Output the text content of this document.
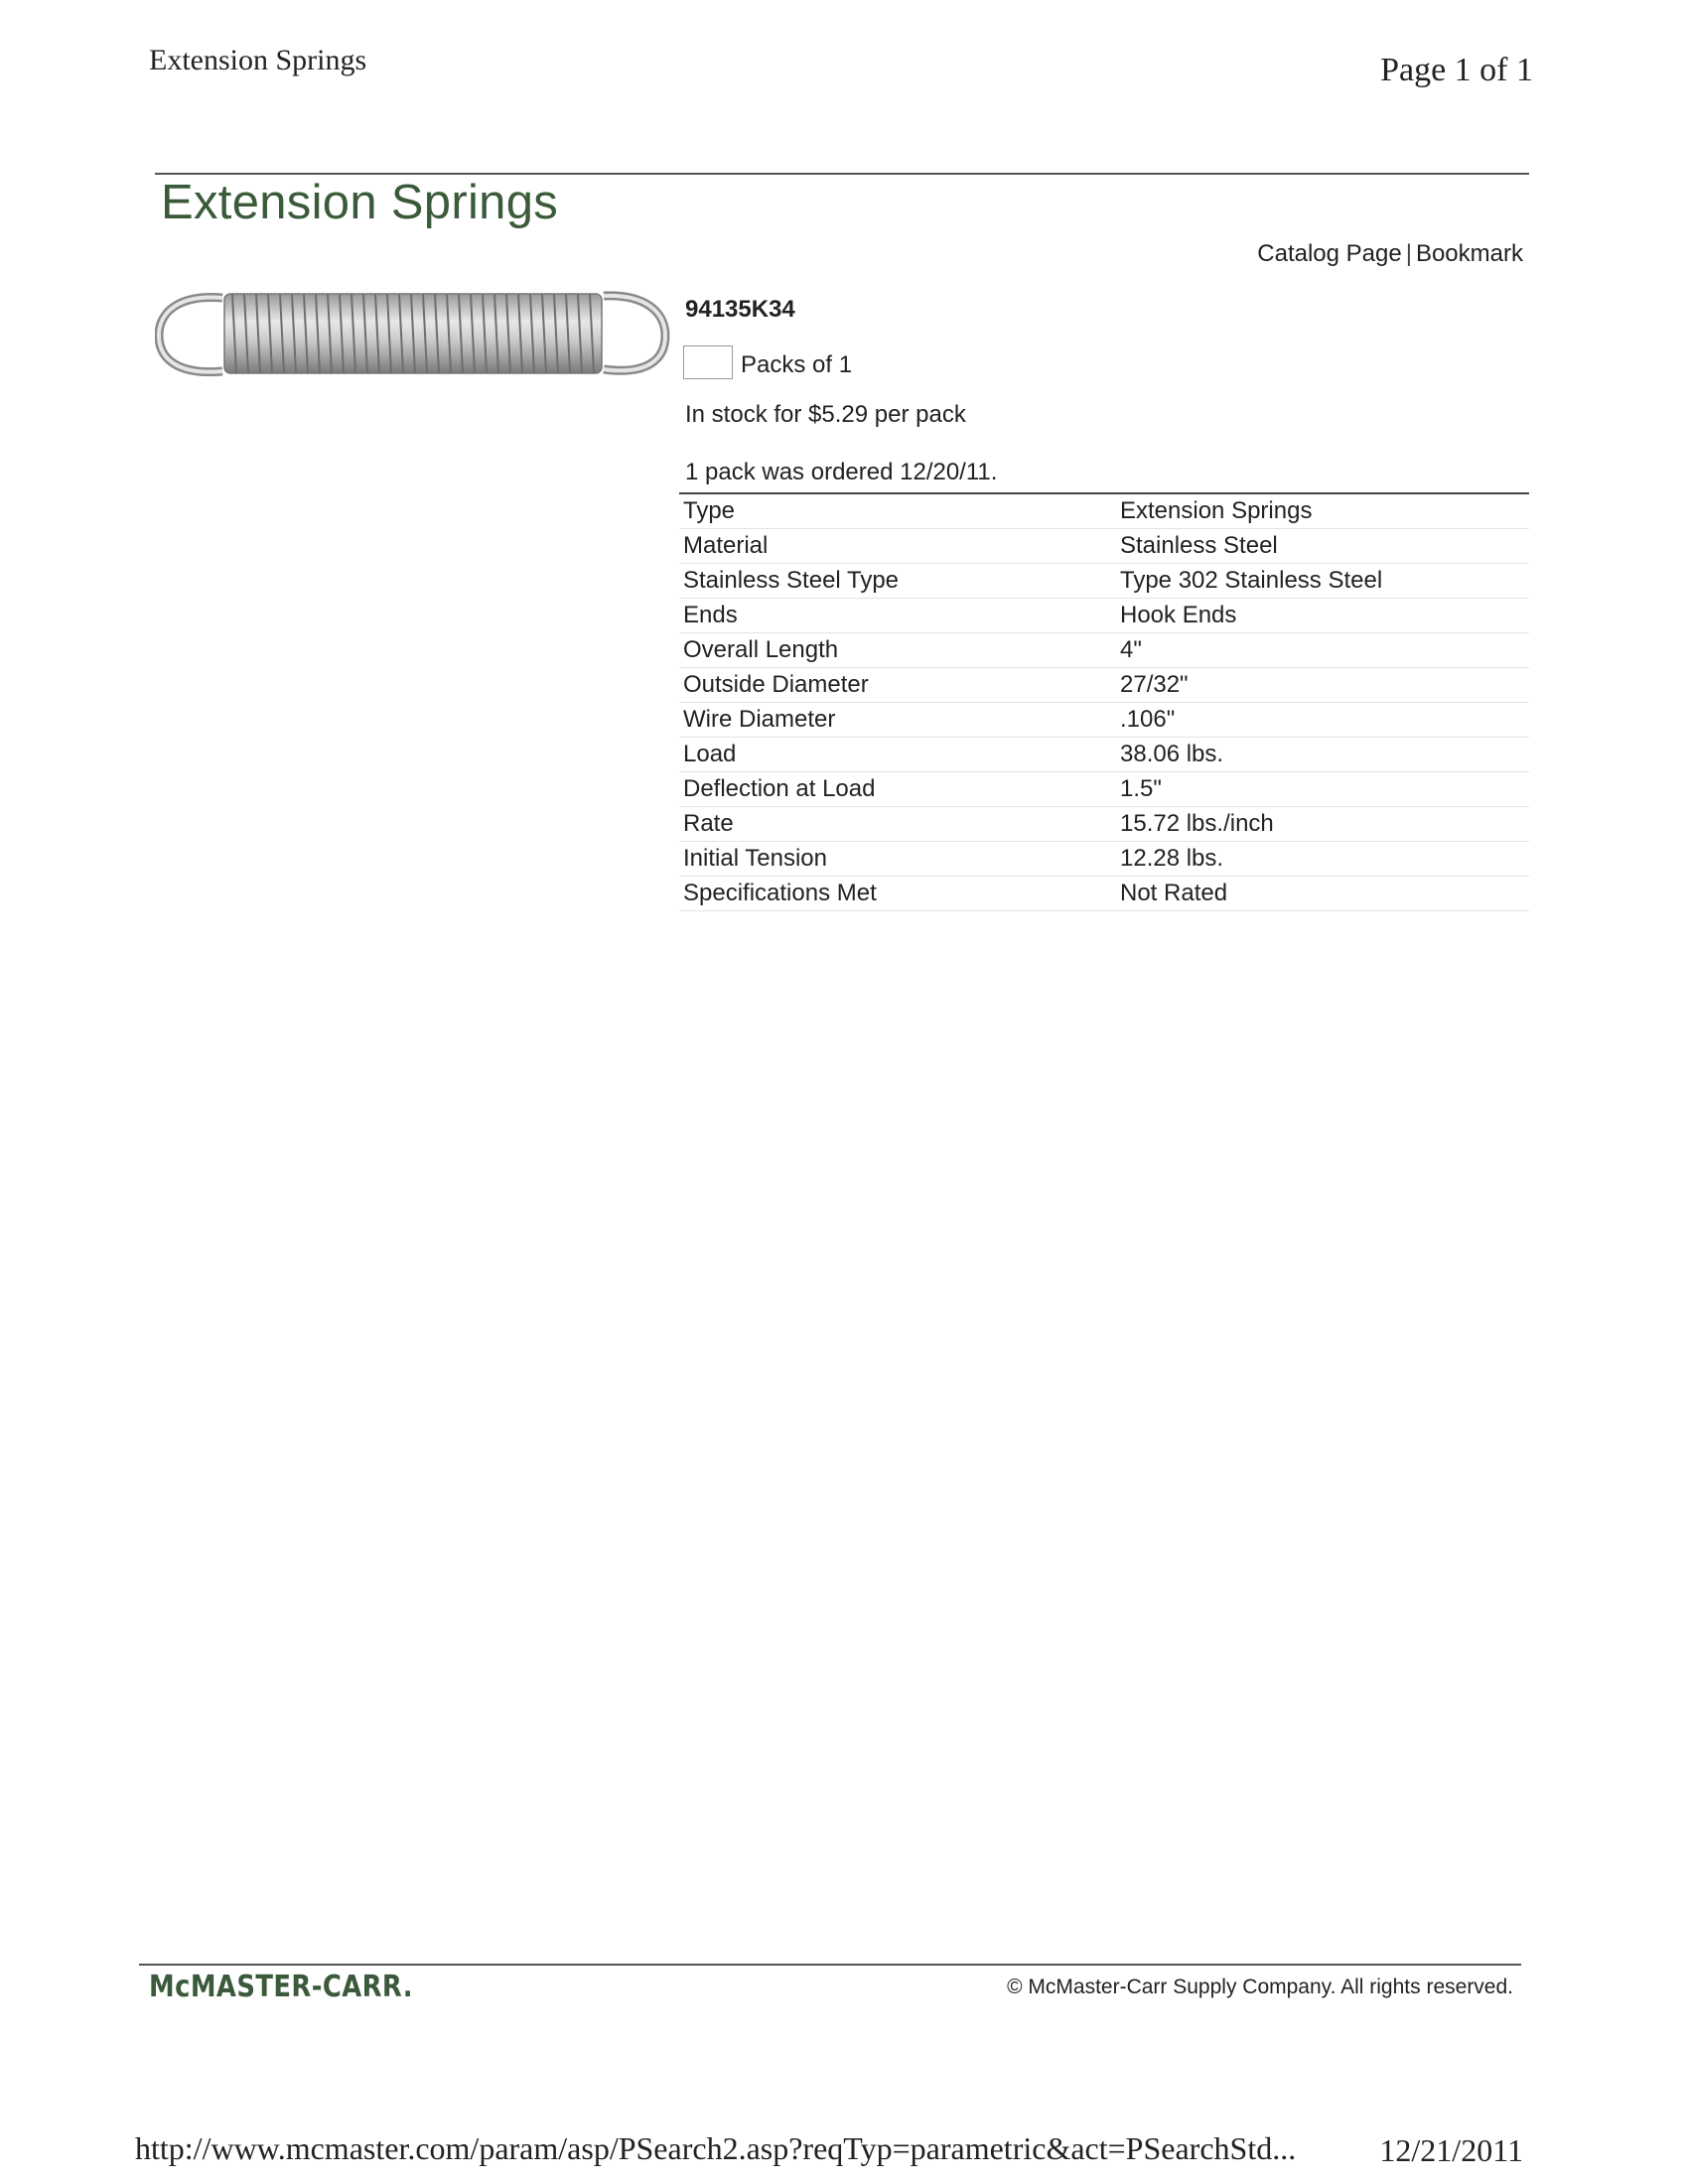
Extension Springs	Page 1 of 1
Extension Springs
Catalog Page | Bookmark
94135K34
Packs of 1
In stock for $5.29 per pack
1 pack was ordered 12/20/11.
Type	Extension Springs
Material	Stainless Steel
Stainless Steel Type	Type 302 Stainless Steel
Ends	Hook Ends
Overall Length	4"
Outside Diameter	27/32"
Wire Diameter	.106"
Load	38.06 lbs.
Deflection at Load	1.5"
Rate	15.72 lbs./inch
Initial Tension	12.28 lbs.
Specifications Met	Not Rated
McMASTER-CARR.	© McMaster-Carr Supply Company. All rights reserved.
http://www.mcmaster.com/param/asp/PSearch2.asp?reqTyp=parametric&act=PSearchStd...	12/21/2011
